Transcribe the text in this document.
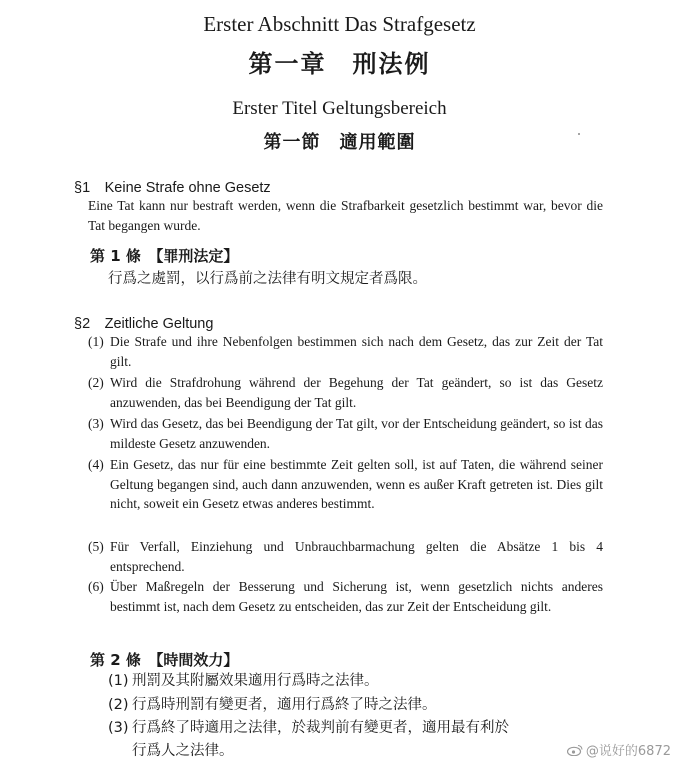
Erster Abschnitt Das Strafgesetz
第一章　刑法例
Erster Titel Geltungsbereich
第一節　適用範圍
§1　Keine Strafe ohne Gesetz
Eine Tat kann nur bestraft werden, wenn die Strafbarkeit gesetzlich bestimmt war, bevor die Tat begangen wurde.
第 1 條　【罪刑法定】
行爲之處罰，以行爲前之法律有明文規定者爲限。
§2　Zeitliche Geltung
(1) Die Strafe und ihre Nebenfolgen bestimmen sich nach dem Gesetz, das zur Zeit der Tat gilt.
(2) Wird die Strafdrohung während der Begehung der Tat geändert, so ist das Gesetz anzuwenden, das bei Beendigung der Tat gilt.
(3) Wird das Gesetz, das bei Beendigung der Tat gilt, vor der Entscheidung geändert, so ist das mildeste Gesetz anzuwenden.
(4) Ein Gesetz, das nur für eine bestimmte Zeit gelten soll, ist auf Taten, die während seiner Geltung begangen sind, auch dann anzuwenden, wenn es außer Kraft getreten ist. Dies gilt nicht, soweit ein Gesetz etwas anderes bestimmt.
(5) Für Verfall, Einziehung und Unbrauchbarmachung gelten die Absätze 1 bis 4 entsprechend.
(6) Über Maßregeln der Besserung und Sicherung ist, wenn gesetzlich nichts anderes bestimmt ist, nach dem Gesetz zu entscheiden, das zur Zeit der Entscheidung gilt.
第 2 條　【時間效力】
(1) 刑罰及其附屬效果適用行爲時之法律。
(2) 行爲時刑罰有變更者，適用行爲終了時之法律。
(3) 行爲終了時適用之法律，於裁判前有變更者，適用最有利於行爲人之法律。	@说好的6872
